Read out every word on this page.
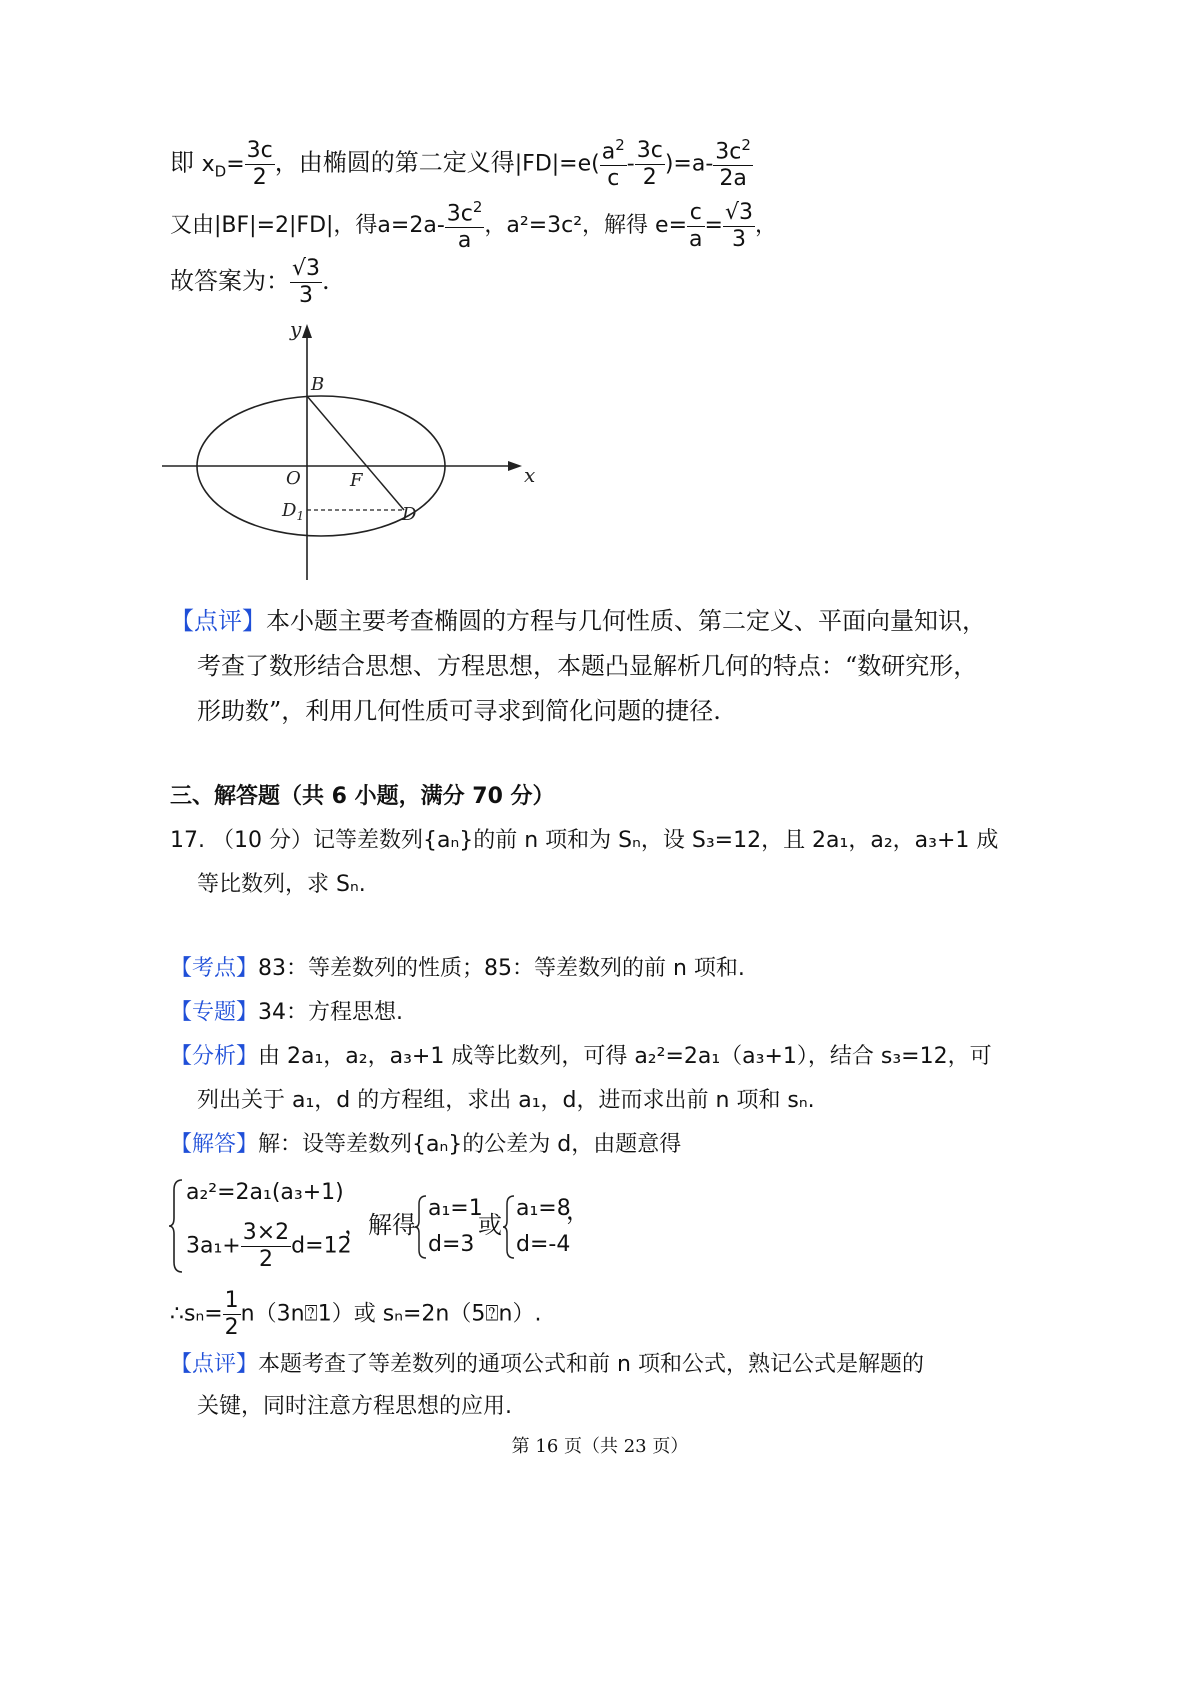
即 $x_D= \frac{3c}{2}$ ，由椭圆的第二定义得$|FD|=e( \frac{a^2}{c} - \frac{3c}{2} )=a- \frac{3c^2}{2a}$
又由|BF|=2|FD|，得$a=2a- \frac{3c^2}{a}$ ，a²=3c²，解得 $e= \frac{c}{a} = \frac{√3}{3}$ ，
故答案为： $\frac{√3}{3}$ .
y
x
B
O	F
$D_1$	D
【点评】本小题主要考查椭圆的方程与几何性质、第二定义、平面向量知识，
考查了数形结合思想、方程思想，本题凸显解析几何的特点：“数研究形，
形助数”，利用几何性质可寻求到简化问题的捷径.
三、解答题（共 6 小题，满分 70 分）
17. （10 分）记等差数列{aₙ}的前 n 项和为 Sₙ，设 S₃=12，且 2a₁，a₂，a₃+1 成
等比数列，求 Sₙ.
【考点】83：等差数列的性质；85：等差数列的前 n 项和.
【专题】34：方程思想.
【分析】由 2a₁，a₂，a₃+1 成等比数列，可得 a₂²=2a₁（a₃+1），结合 s₃=12，可
列出关于 a₁，d 的方程组，求出 a₁，d，进而求出前 n 项和 sₙ.
【解答】解：设等差数列{aₙ}的公差为 d，由题意得
a₂²=2a₁(a₃+1)
$3a_1+ \frac{3\times 2}{2} d=12$
，解得
a₁=1
d=3
或
a₁=8
d=-4
，
∴sₙ= $\frac{1}{2}$ n（3n⍰1）或 sₙ=2n（5⍰n）.
【点评】本题考查了等差数列的通项公式和前 n 项和公式，熟记公式是解题的
关键，同时注意方程思想的应用.
第 16 页（共 23 页）
